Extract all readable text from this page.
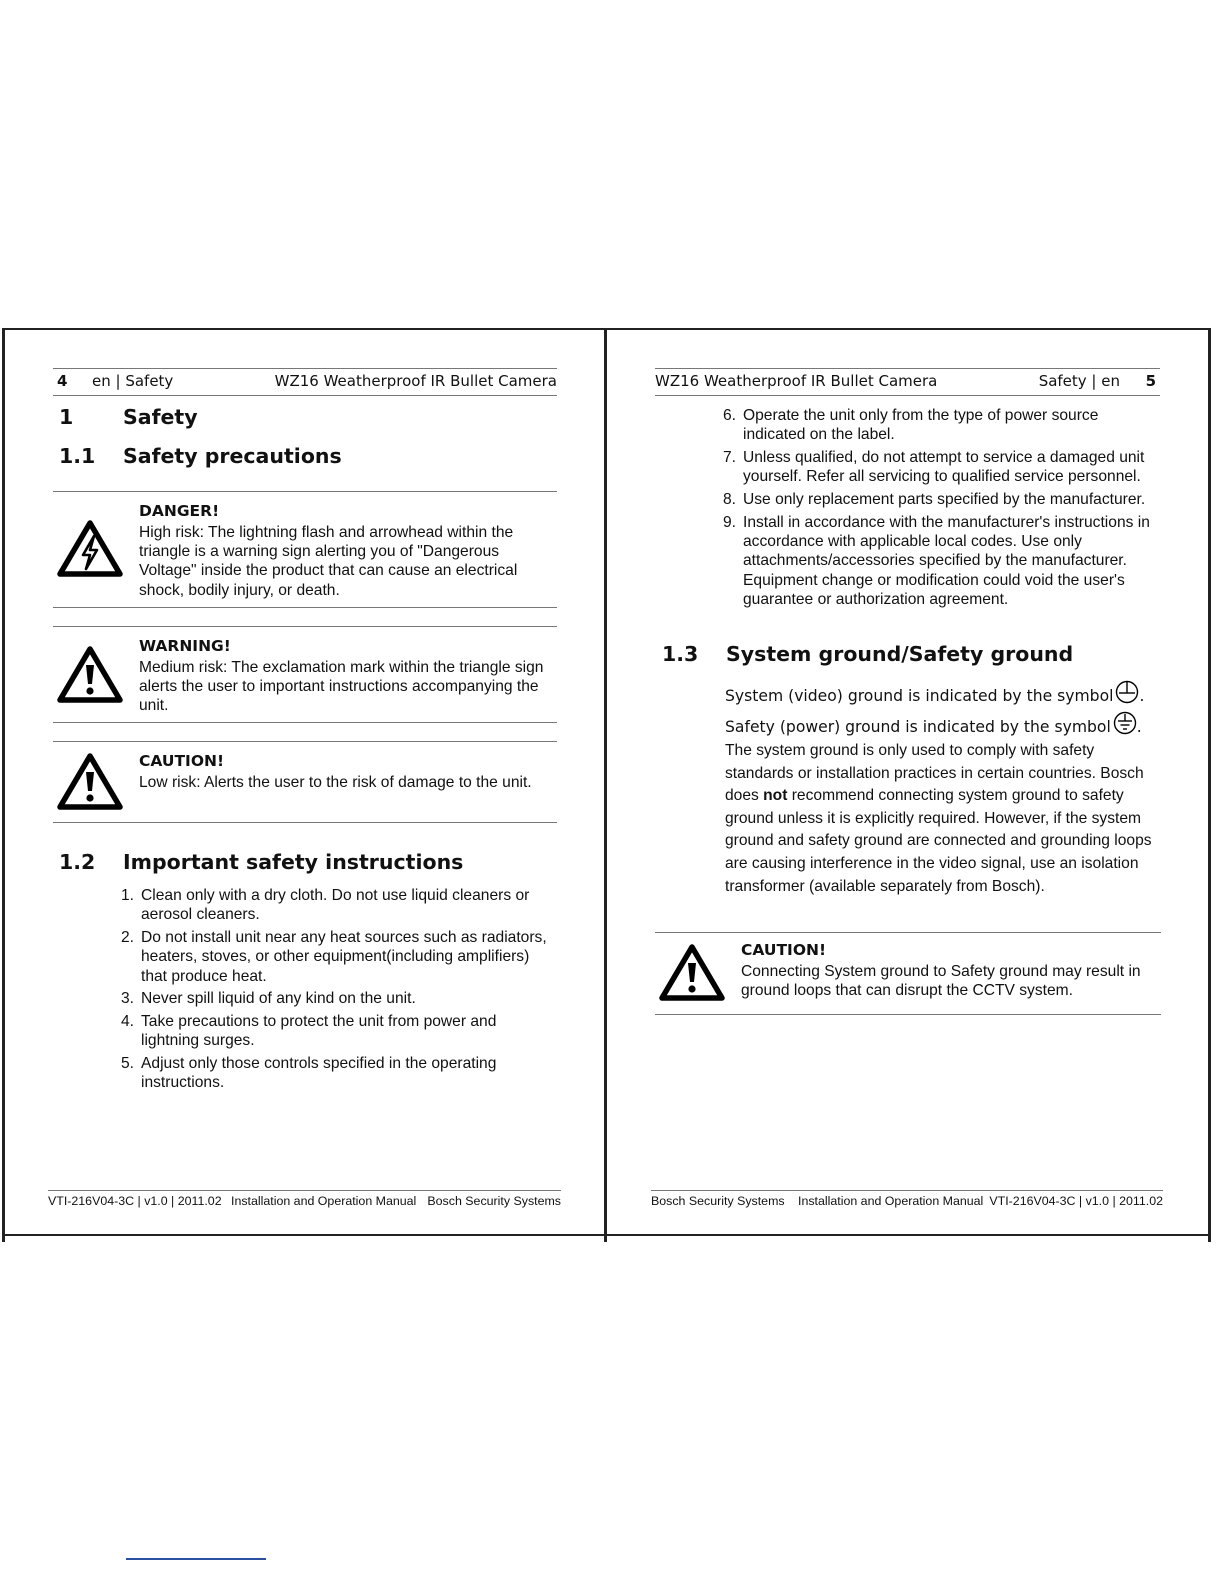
4 en | Safety	WZ16 Weatherproof IR Bullet Camera
1 Safety
1.1 Safety precautions
DANGER!
High risk: The lightning flash and arrowhead within the triangle is a warning sign alerting you of "Dangerous Voltage" inside the product that can cause an electrical shock, bodily injury, or death.
WARNING!
Medium risk: The exclamation mark within the triangle sign alerts the user to important instructions accompanying the unit.
CAUTION!
Low risk: Alerts the user to the risk of damage to the unit.
1.2 Important safety instructions
1. Clean only with a dry cloth. Do not use liquid cleaners or aerosol cleaners.
2. Do not install unit near any heat sources such as radiators, heaters, stoves, or other equipment(including amplifiers) that produce heat.
3. Never spill liquid of any kind on the unit.
4. Take precautions to protect the unit from power and lightning surges.
5. Adjust only those controls specified in the operating instructions.
VTI-216V04-3C | v1.0 | 2011.02 Installation and Operation Manual Bosch Security Systems
WZ16 Weatherproof IR Bullet Camera	Safety | en 5
6. Operate the unit only from the type of power source indicated on the label.
7. Unless qualified, do not attempt to service a damaged unit yourself. Refer all servicing to qualified service personnel.
8. Use only replacement parts specified by the manufacturer.
9. Install in accordance with the manufacturer's instructions in accordance with applicable local codes. Use only attachments/accessories specified by the manufacturer. Equipment change or modification could void the user's guarantee or authorization agreement.
1.3 System ground/Safety ground
System (video) ground is indicated by the symbol .
Safety (power) ground is indicated by the symbol .
The system ground is only used to comply with safety standards or installation practices in certain countries. Bosch does not recommend connecting system ground to safety ground unless it is explicitly required. However, if the system ground and safety ground are connected and grounding loops are causing interference in the video signal, use an isolation transformer (available separately from Bosch).
CAUTION!
Connecting System ground to Safety ground may result in ground loops that can disrupt the CCTV system.
Bosch Security Systems Installation and Operation Manual VTI-216V04-3C | v1.0 | 2011.02
